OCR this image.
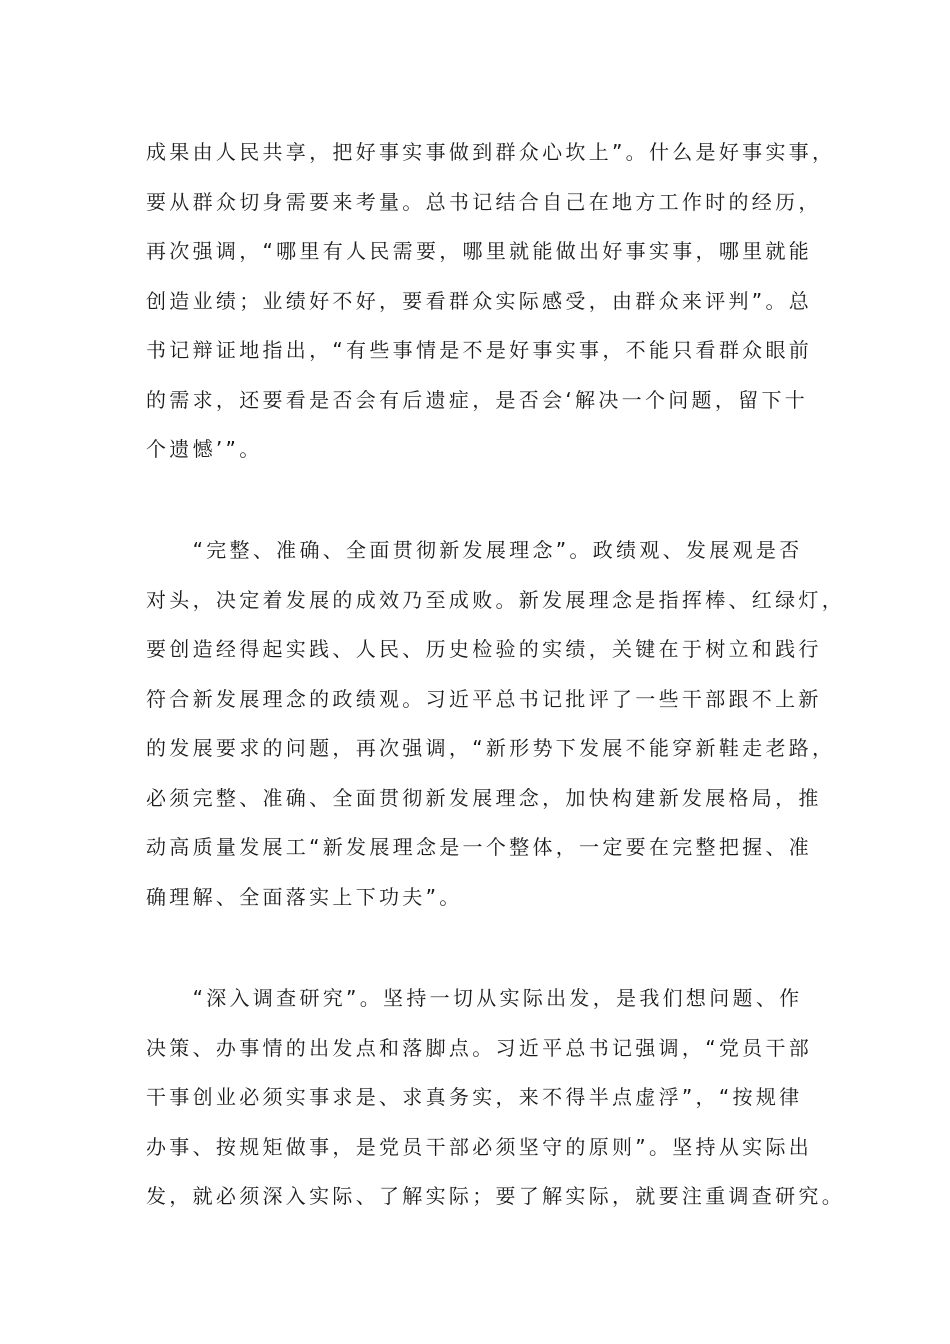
成果由人民共享，把好事实事做到群众心坎上”。什么是好事实事，
要从群众切身需要来考量。总书记结合自己在地方工作时的经历，
再次强调，“哪里有人民需要，哪里就能做出好事实事，哪里就能
创造业绩；业绩好不好，要看群众实际感受，由群众来评判”。总
书记辩证地指出，“有些事情是不是好事实事，不能只看群众眼前
的需求，还要看是否会有后遗症，是否会‘解决一个问题，留下十
个遗憾’”。

　　“完整、准确、全面贯彻新发展理念”。政绩观、发展观是否
对头，决定着发展的成效乃至成败。新发展理念是指挥棒、红绿灯，
要创造经得起实践、人民、历史检验的实绩，关键在于树立和践行
符合新发展理念的政绩观。习近平总书记批评了一些干部跟不上新
的发展要求的问题，再次强调，“新形势下发展不能穿新鞋走老路，
必须完整、准确、全面贯彻新发展理念，加快构建新发展格局，推
动高质量发展工“新发展理念是一个整体，一定要在完整把握、准
确理解、全面落实上下功夫”。

　　“深入调查研究”。坚持一切从实际出发，是我们想问题、作
决策、办事情的出发点和落脚点。习近平总书记强调，“党员干部
干事创业必须实事求是、求真务实，来不得半点虚浮”，“按规律
办事、按规矩做事，是党员干部必须坚守的原则”。坚持从实际出
发，就必须深入实际、了解实际；要了解实际，就要注重调查研究。
